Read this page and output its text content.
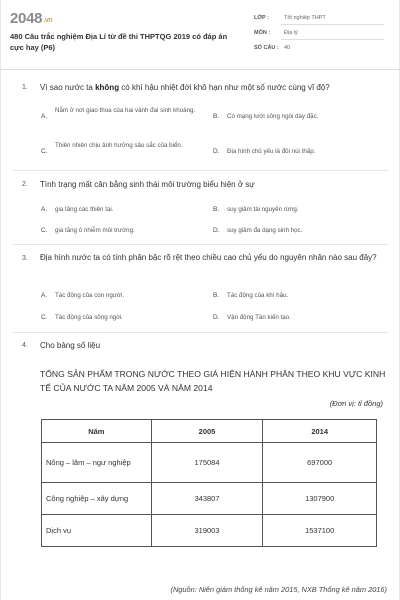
2048.vn
480 Câu trắc nghiệm Địa Lí từ đề thi THPTQG 2019 có đáp án cực hay (P6)
LỚP :	Tốt nghiệp THPT
MÔN :	Địa lý
SỐ CÂU : 40
1. Vì sao nước ta không có khí hậu nhiệt đới khô hạn như một số nước cùng vĩ độ?
A.
Nằm ở nơi giao thoa của hai vành đai sinh khoáng.
B. Có mạng lưới sông ngòi dày đặc.
C.
Thiên nhiên chịu ảnh hưởng sâu sắc của biển.
D. Địa hình chủ yếu là đồi núi thấp.
2. Tình trạng mất cân bằng sinh thái môi trường biểu hiện ở sự
A. gia tăng các thiên tai.	B. suy giảm tài nguyên rừng.
C. gia tăng ô nhiễm môi trường.	D. suy giảm đa dạng sinh học.
3. Địa hình nước ta có tính phân bậc rõ rệt theo chiều cao chủ yếu do nguyên nhân nào sau đây?
A. Tác động của con người.	B. Tác động của khí hậu.
C. Tác động của sông ngòi.	D. Vận động Tân kiến tạo.
4. Cho bảng số liệu
TỔNG SẢN PHẨM TRONG NƯỚC THEO GIÁ HIỆN HÀNH PHÂN THEO KHU VỰC KINH TẾ CỦA NƯỚC TA NĂM 2005 VÀ NĂM 2014
(Đơn vị: tỉ đồng)
Năm	2005	2014
Nông – lâm – ngư nghiệp	175084	697000
Công nghiệp – xây dựng	343807	1307900
Dịch vụ	319003	1537100
(Nguồn: Niên giám thống kê năm 2015, NXB Thống kê năm 2016)
